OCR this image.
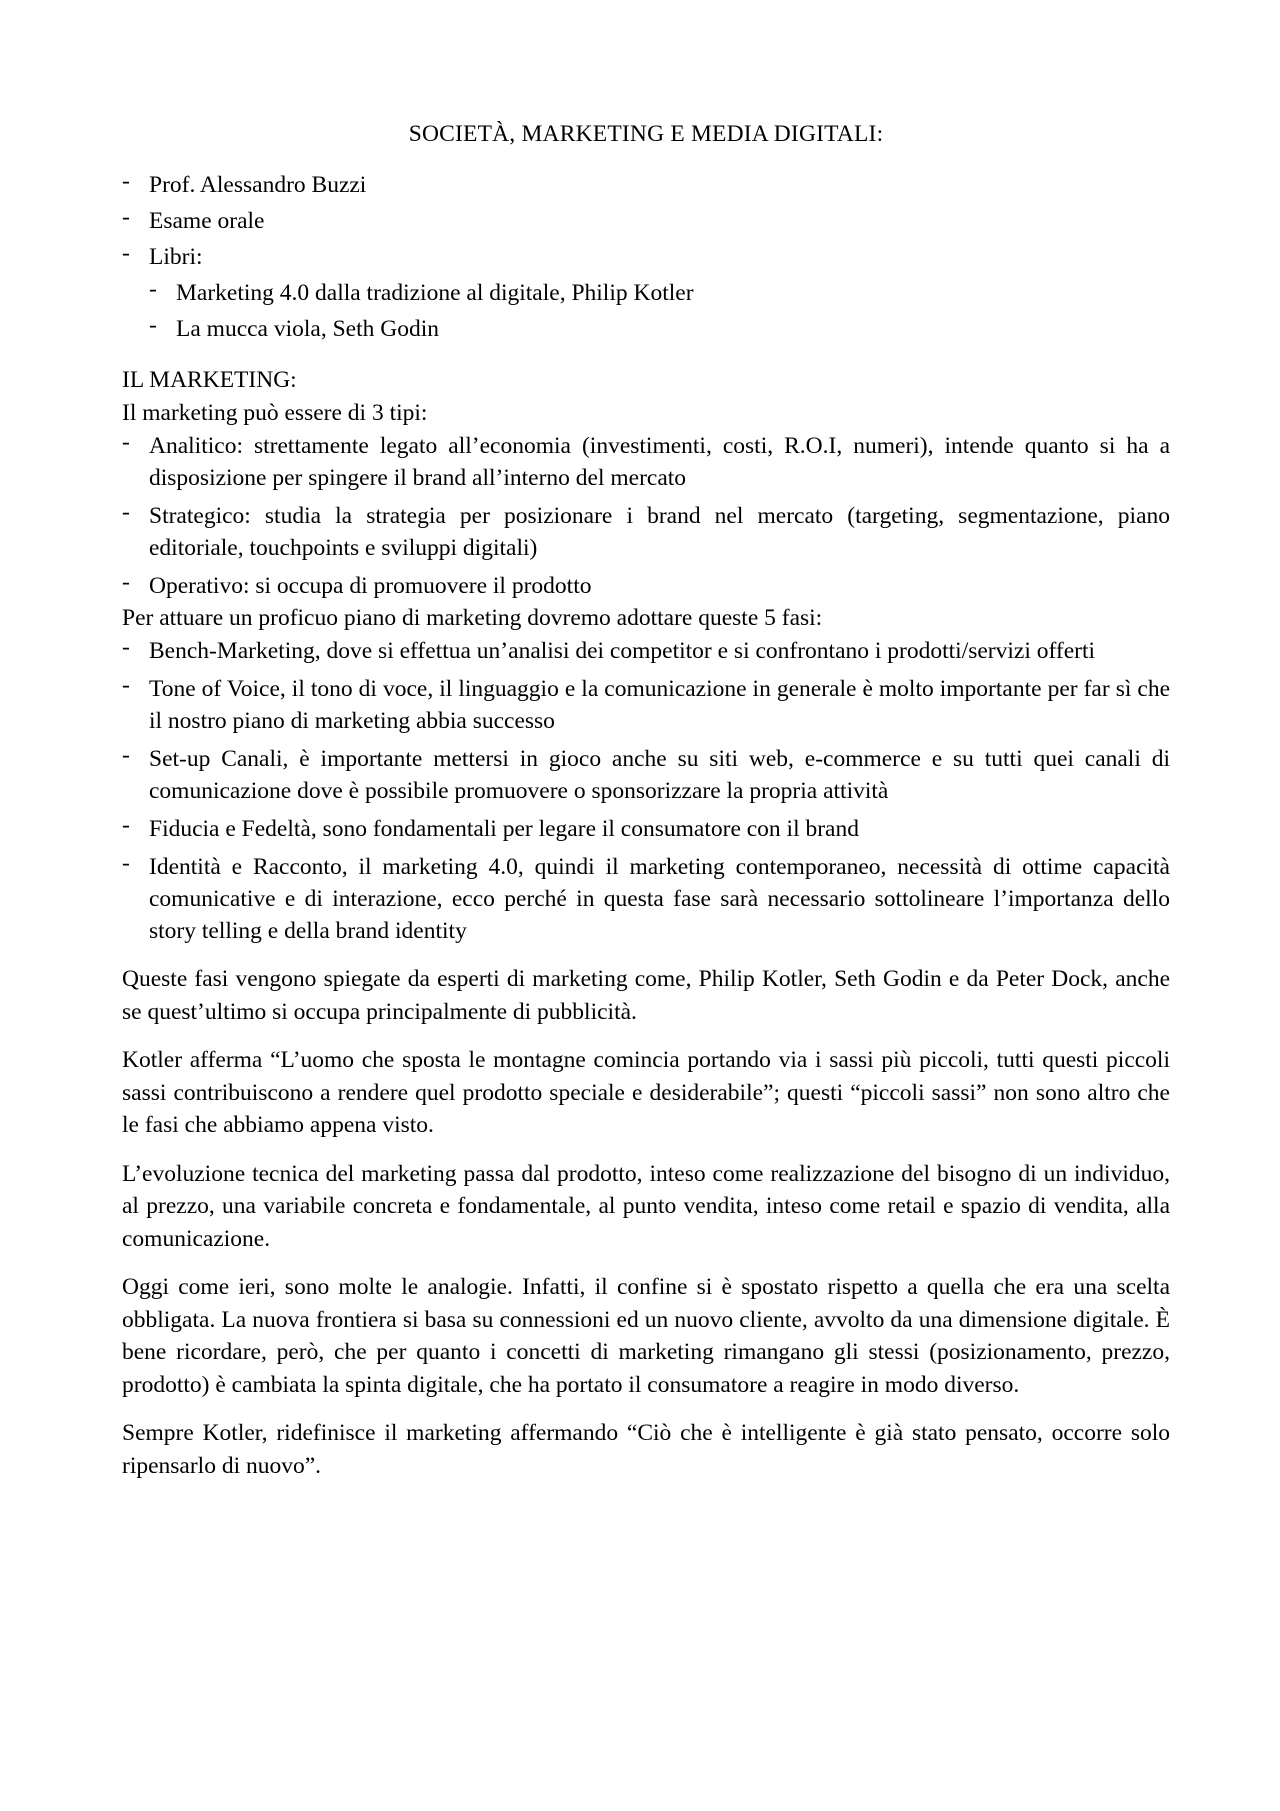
SOCIETÀ, MARKETING E MEDIA DIGITALI:
- Prof. Alessandro Buzzi
- Esame orale
- Libri:
- Marketing 4.0 dalla tradizione al digitale, Philip Kotler
- La mucca viola, Seth Godin
IL MARKETING:
Il marketing può essere di 3 tipi:
- Analitico: strettamente legato all’economia (investimenti, costi, R.O.I, numeri), intende quanto si ha a disposizione per spingere il brand all’interno del mercato
- Strategico: studia la strategia per posizionare i brand nel mercato (targeting, segmentazione, piano editoriale, touchpoints e sviluppi digitali)
- Operativo: si occupa di promuovere il prodotto
Per attuare un proficuo piano di marketing dovremo adottare queste 5 fasi:
- Bench-Marketing, dove si effettua un’analisi dei competitor e si confrontano i prodotti/servizi offerti
- Tone of Voice, il tono di voce, il linguaggio e la comunicazione in generale è molto importante per far sì che il nostro piano di marketing abbia successo
- Set-up Canali, è importante mettersi in gioco anche su siti web, e-commerce e su tutti quei canali di comunicazione dove è possibile promuovere o sponsorizzare la propria attività
- Fiducia e Fedeltà, sono fondamentali per legare il consumatore con il brand
- Identità e Racconto, il marketing 4.0, quindi il marketing contemporaneo, necessità di ottime capacità comunicative e di interazione, ecco perché in questa fase sarà necessario sottolineare l’importanza dello story telling e della brand identity

Queste fasi vengono spiegate da esperti di marketing come, Philip Kotler, Seth Godin e da Peter Dock, anche se quest’ultimo si occupa principalmente di pubblicità.

Kotler afferma “L’uomo che sposta le montagne comincia portando via i sassi più piccoli, tutti questi piccoli sassi contribuiscono a rendere quel prodotto speciale e desiderabile”; questi “piccoli sassi” non sono altro che le fasi che abbiamo appena visto.

L’evoluzione tecnica del marketing passa dal prodotto, inteso come realizzazione del bisogno di un individuo, al prezzo, una variabile concreta e fondamentale, al punto vendita, inteso come retail e spazio di vendita, alla comunicazione.

Oggi come ieri, sono molte le analogie. Infatti, il confine si è spostato rispetto a quella che era una scelta obbligata. La nuova frontiera si basa su connessioni ed un nuovo cliente, avvolto da una dimensione digitale. È bene ricordare, però, che per quanto i concetti di marketing rimangano gli stessi (posizionamento, prezzo, prodotto) è cambiata la spinta digitale, che ha portato il consumatore a reagire in modo diverso.

Sempre Kotler, ridefinisce il marketing affermando “Ciò che è intelligente è già stato pensato, occorre solo ripensarlo di nuovo”.
